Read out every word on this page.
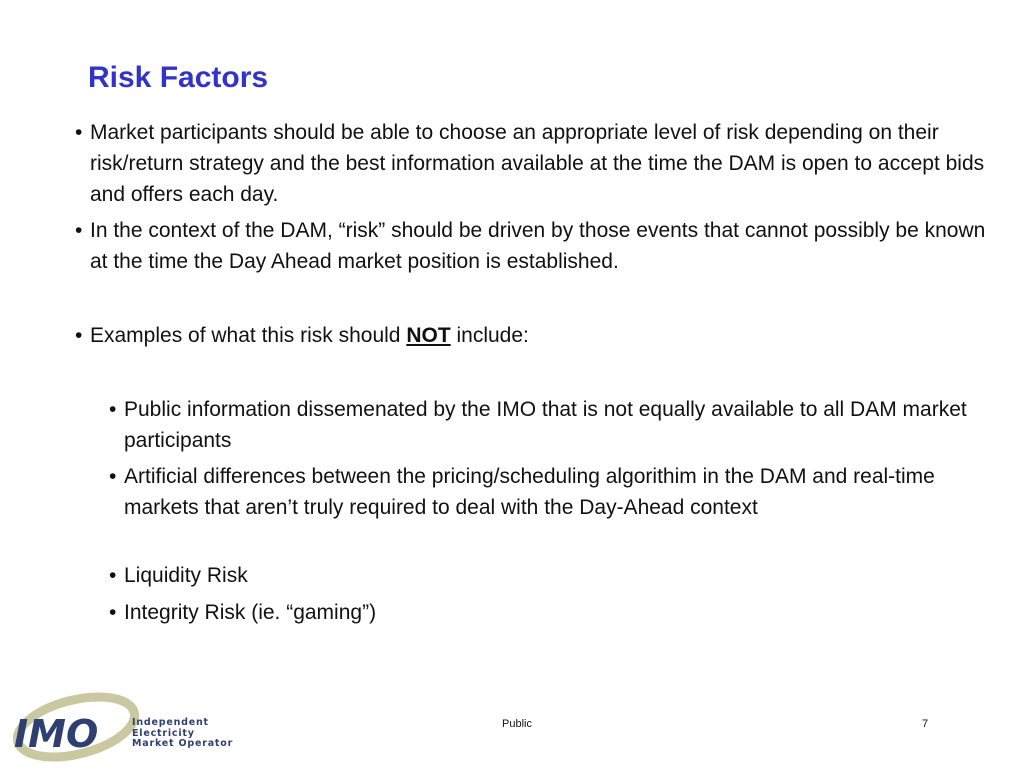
Risk Factors

• Market participants should be able to choose an appropriate level of risk depending on their risk/return strategy and the best information available at the time the DAM is open to accept bids and offers each day.

• In the context of the DAM, “risk” should be driven by those events that cannot possibly be known at the time the Day Ahead market position is established.

• Examples of what this risk should NOT include:

• Public information dissemenated by the IMO that is not equally available to all DAM market participants

• Artificial differences between the pricing/scheduling algorithim in the DAM and real-time markets that aren’t truly required to deal with the Day-Ahead context

• Liquidity Risk

• Integrity Risk (ie. “gaming”)

IMO	Independent
Electricity
Market Operator
Public	7
